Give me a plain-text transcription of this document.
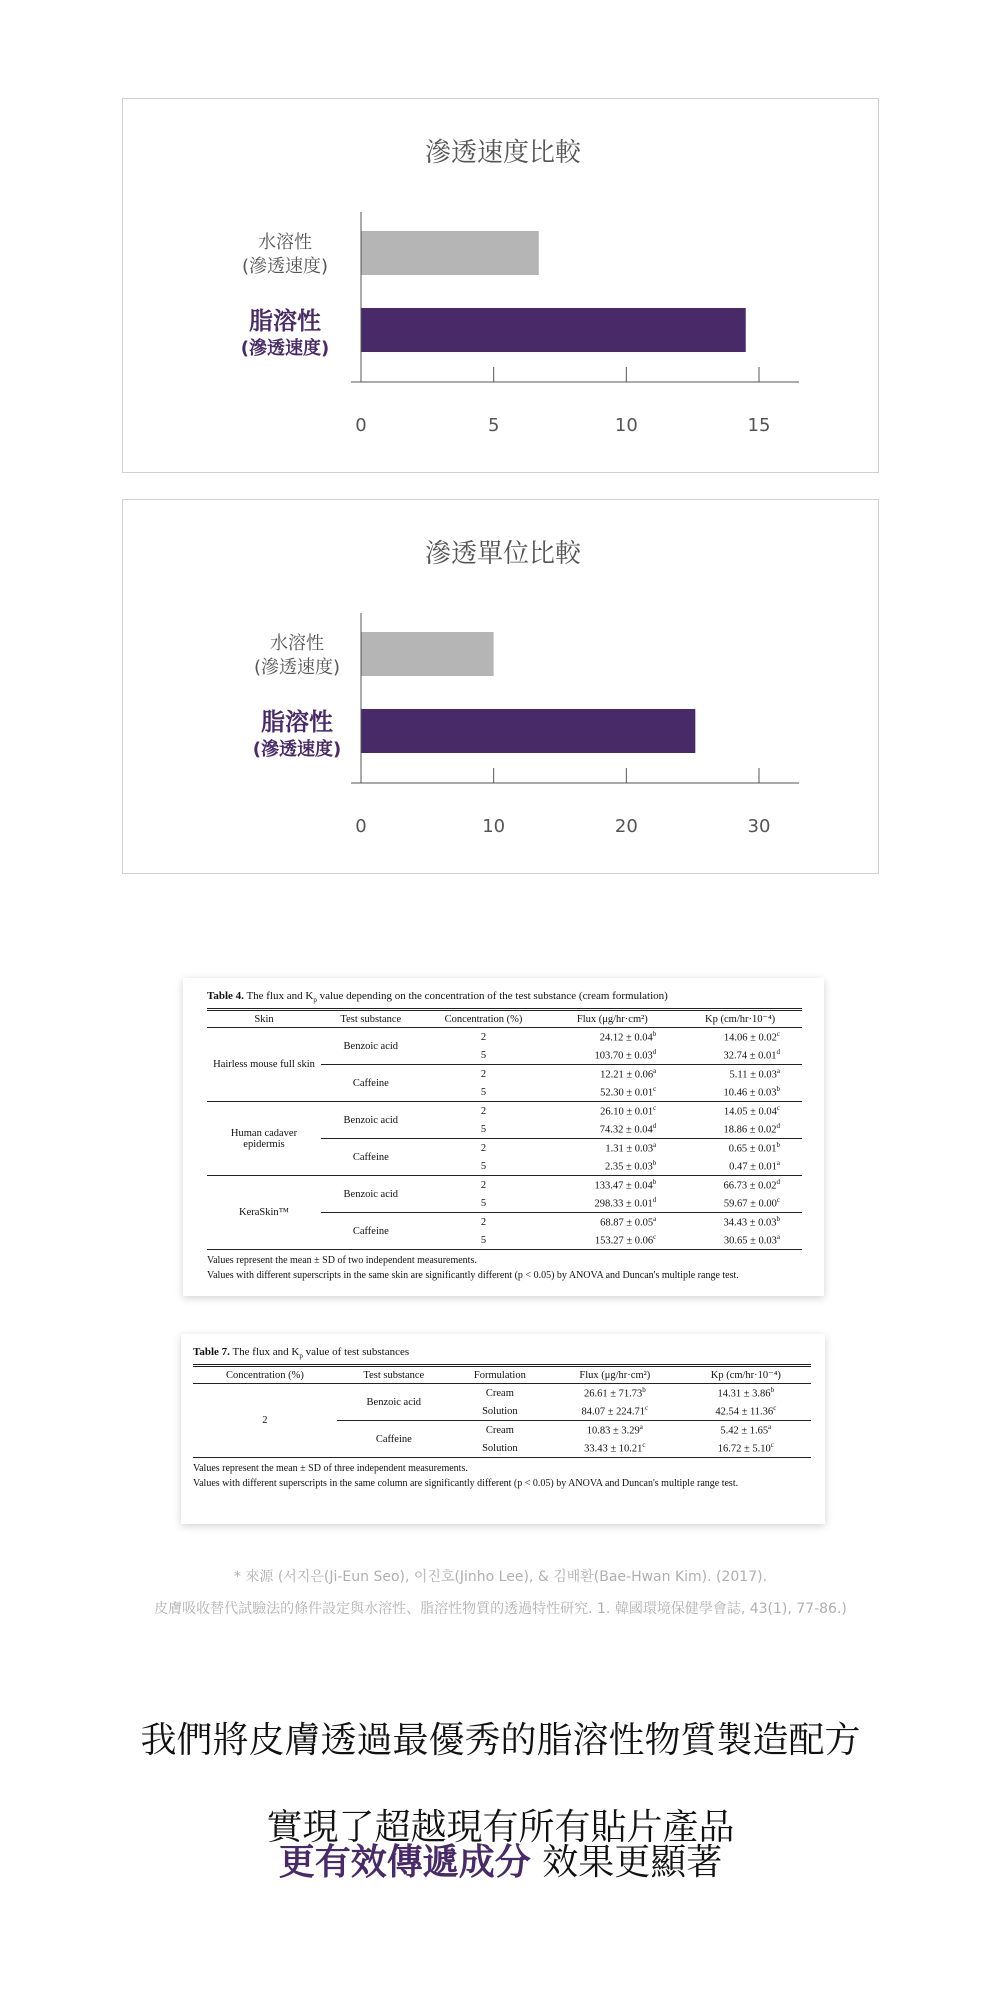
滲透速度比較
水溶性
(滲透速度)
脂溶性
(滲透速度)
0	5	10	15
滲透單位比較
水溶性
(滲透速度)
脂溶性
(滲透速度)
0	10	20	30
Table 4. The flux and $K_p$ value depending on the concentration of the test substance (cream formulation)
Skin	Test substance	Concentration (%)	Flux (μg/hr·cm²)	Kp (cm/hr·10⁻⁴)
Hairless mouse full skin	Benzoic acid	2	24.12 ± 0.04$^b$	14.06 ± 0.02$^c$
		5	103.70 ± 0.03$^d$	32.74 ± 0.01$^d$
	Caffeine	2	12.21 ± 0.06$^a$	5.11 ± 0.03$^a$
		5	52.30 ± 0.01$^c$	10.46 ± 0.03$^b$
Human cadaver epidermis	Benzoic acid	2	26.10 ± 0.01$^c$	14.05 ± 0.04$^c$
		5	74.32 ± 0.04$^d$	18.86 ± 0.02$^d$
	Caffeine	2	1.31 ± 0.03$^a$	0.65 ± 0.01$^b$
		5	2.35 ± 0.03$^b$	0.47 ± 0.01$^a$
KeraSkin™	Benzoic acid	2	133.47 ± 0.04$^b$	66.73 ± 0.02$^d$
		5	298.33 ± 0.01$^d$	59.67 ± 0.00$^c$
	Caffeine	2	68.87 ± 0.05$^a$	34.43 ± 0.03$^b$
		5	153.27 ± 0.06$^c$	30.65 ± 0.03$^a$
Values represent the mean ± SD of two independent measurements.
Values with different superscripts in the same skin are significantly different (p < 0.05) by ANOVA and Duncan's multiple range test.
Table 7. The flux and $K_p$ value of test substances
Concentration (%)	Test substance	Formulation	Flux (μg/hr·cm²)	Kp (cm/hr·10⁻⁴)
2	Benzoic acid	Cream	26.61 ± 71.73$^b$	14.31 ± 3.86$^b$
		Solution	84.07 ± 224.71$^c$	42.54 ± 11.36$^c$
	Caffeine	Cream	10.83 ± 3.29$^a$	5.42 ± 1.65$^a$
		Solution	33.43 ± 10.21$^c$	16.72 ± 5.10$^c$
Values represent the mean ± SD of three independent measurements.
Values with different superscripts in the same column are significantly different (p < 0.05) by ANOVA and Duncan's multiple range test.
* 來源 (서지은(Ji-Eun Seo), 이진호(Jinho Lee), & 김배환(Bae-Hwan Kim). (2017).
皮膚吸收替代試驗法的條件設定與水溶性、脂溶性物質的透過特性研究. 1. 韓國環境保健學會誌, 43(1), 77-86.)
我們將皮膚透過最優秀的脂溶性物質製造配方
實現了超越現有所有貼片產品
更有效傳遞成分 效果更顯著
